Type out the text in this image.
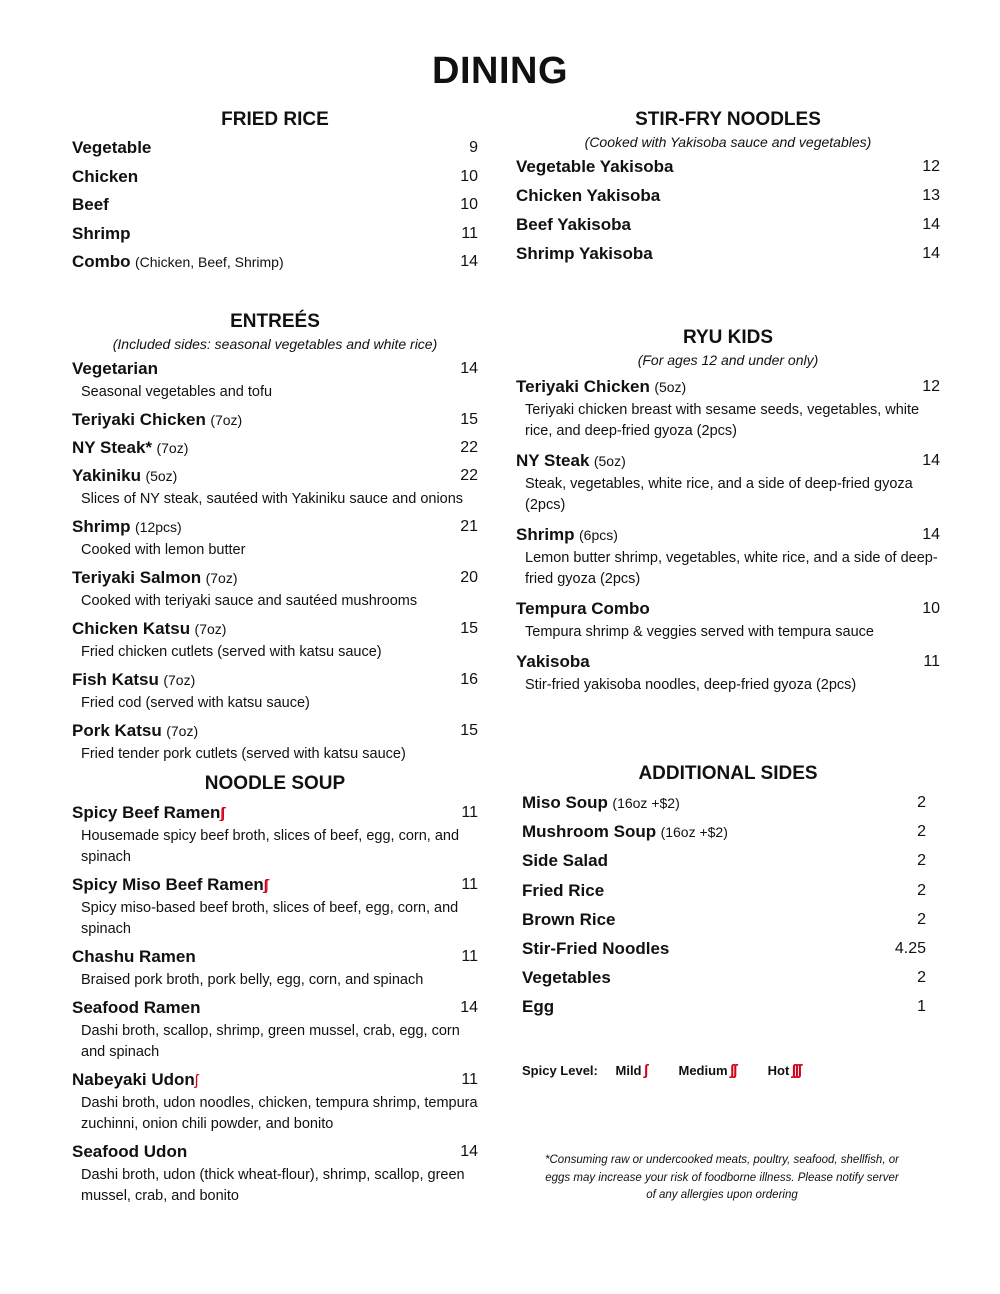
DINING
FRIED RICE
Vegetable	9
Chicken	10
Beef	10
Shrimp	11
Combo (Chicken, Beef, Shrimp)	14
ENTREÉS
(Included sides: seasonal vegetables and white rice)
Vegetarian	14
Seasonal vegetables and tofu
Teriyaki Chicken (7oz)	15
NY Steak* (7oz)	22
Yakiniku (5oz)	22
Slices of NY steak, sautéed with Yakiniku sauce and onions
Shrimp (12pcs)	21
Cooked with lemon butter
Teriyaki Salmon (7oz)	20
Cooked with teriyaki sauce and sautéed mushrooms
Chicken Katsu (7oz)	15
Fried chicken cutlets (served with katsu sauce)
Fish Katsu (7oz)	16
Fried cod (served with katsu sauce)
Pork Katsu (7oz)	15
Fried tender pork cutlets (served with katsu sauce)
NOODLE SOUP
Spicy Beef Ramenʃʃ	11
Housemade spicy beef broth, slices of beef, egg, corn, and spinach
Spicy Miso Beef Ramenʃʃ	11
Spicy miso-based beef broth, slices of beef, egg, corn, and spinach
Chashu Ramen	11
Braised pork broth, pork belly, egg, corn, and spinach
Seafood Ramen	14
Dashi broth, scallop, shrimp, green mussel, crab, egg, corn and spinach
Nabeyaki Udonʃ	11
Dashi broth, udon noodles, chicken, tempura shrimp, tempura zuchinni, onion chili powder, and bonito
Seafood Udon	14
Dashi broth, udon (thick wheat-flour), shrimp, scallop, green mussel, crab, and bonito
STIR-FRY NOODLES
(Cooked with Yakisoba sauce and vegetables)
Vegetable Yakisoba	12
Chicken Yakisoba	13
Beef Yakisoba	14
Shrimp Yakisoba	14
RYU KIDS
(For ages 12 and under only)
Teriyaki Chicken (5oz)	12
Teriyaki chicken breast with sesame seeds, vegetables, white rice, and deep-fried gyoza (2pcs)
NY Steak (5oz)	14
Steak, vegetables, white rice, and a side of deep-fried gyoza (2pcs)
Shrimp (6pcs)	14
Lemon butter shrimp, vegetables, white rice, and a side of deep-fried gyoza (2pcs)
Tempura Combo	10
Tempura shrimp & veggies served with tempura sauce
Yakisoba	11
Stir-fried yakisoba noodles, deep-fried gyoza (2pcs)
ADDITIONAL SIDES
Miso Soup (16oz +$2)	2
Mushroom Soup (16oz +$2)	2
Side Salad	2
Fried Rice	2
Brown Rice	2
Stir-Fried Noodles	4.25
Vegetables	2
Egg	1
Spicy Level: Mild ʃ Medium ʃʃ Hot ʃʃʃ
*Consuming raw or undercooked meats, poultry, seafood, shellfish, or eggs may increase your risk of foodborne illness. Please notify server of any allergies upon ordering
